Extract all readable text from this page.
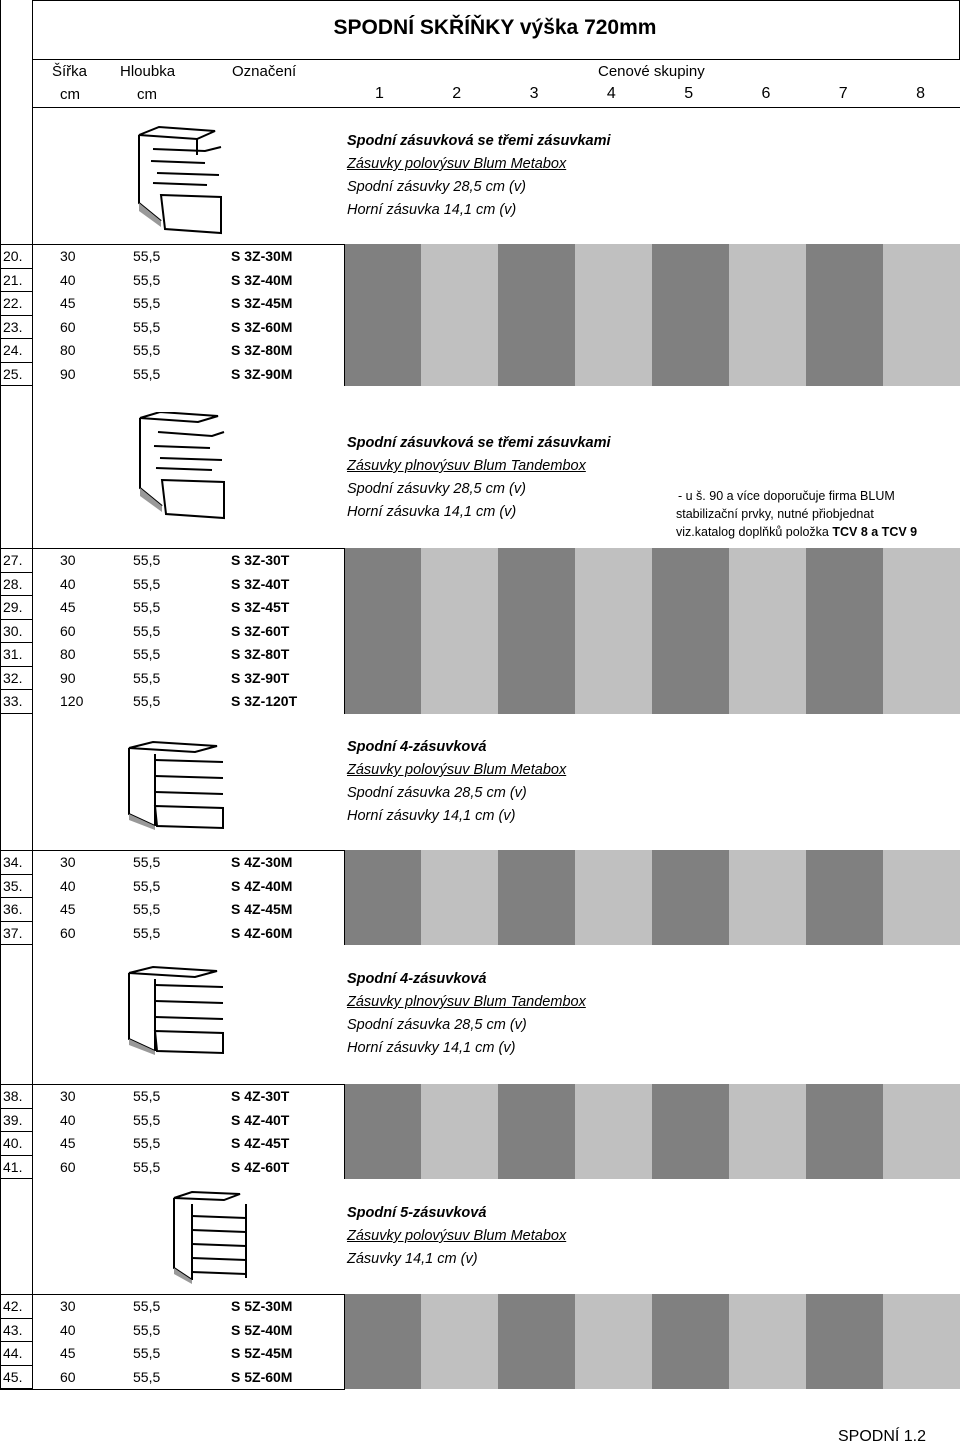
SPODNÍ SKŘÍŇKY výška 720mm
Šířka Hloubka	Označení	Cenové skupiny
cm	cm	1	2	3	4	5	6	7	8
Spodní zásuvková se třemi zásuvkami
Zásuvky polovýsuv Blum Metabox
Spodní zásuvky 28,5 cm (v)
Horní zásuvka 14,1 cm (v)
20.	30	55,5	S 3Z-30M
21.	40	55,5	S 3Z-40M
22.	45	55,5	S 3Z-45M
23.	60	55,5	S 3Z-60M
24.	80	55,5	S 3Z-80M
25.	90	55,5	S 3Z-90M
Spodní zásuvková se třemi zásuvkami
Zásuvky plnovýsuv Blum Tandembox
Spodní zásuvky 28,5 cm (v)
Horní zásuvka 14,1 cm (v)
- u š. 90 a více doporučuje firma BLUM
stabilizační prvky, nutné přiobjednat
viz.katalog doplňků položka TCV 8 a TCV 9
27.	30	55,5	S 3Z-30T
28.	40	55,5	S 3Z-40T
29.	45	55,5	S 3Z-45T
30.	60	55,5	S 3Z-60T
31.	80	55,5	S 3Z-80T
32.	90	55,5	S 3Z-90T
33.	120	55,5	S 3Z-120T
Spodní 4-zásuvková
Zásuvky polovýsuv Blum Metabox
Spodní zásuvka 28,5 cm (v)
Horní zásuvky 14,1 cm (v)
34.	30	55,5	S 4Z-30M
35.	40	55,5	S 4Z-40M
36.	45	55,5	S 4Z-45M
37.	60	55,5	S 4Z-60M
Spodní 4-zásuvková
Zásuvky plnovýsuv Blum Tandembox
Spodní zásuvka 28,5 cm (v)
Horní zásuvky 14,1 cm (v)
38.	30	55,5	S 4Z-30T
39.	40	55,5	S 4Z-40T
40.	45	55,5	S 4Z-45T
41.	60	55,5	S 4Z-60T
Spodní 5-zásuvková
Zásuvky polovýsuv Blum Metabox
Zásuvky 14,1 cm (v)
42.	30	55,5	S 5Z-30M
43.	40	55,5	S 5Z-40M
44.	45	55,5	S 5Z-45M
45.	60	55,5	S 5Z-60M
SPODNÍ 1.2
